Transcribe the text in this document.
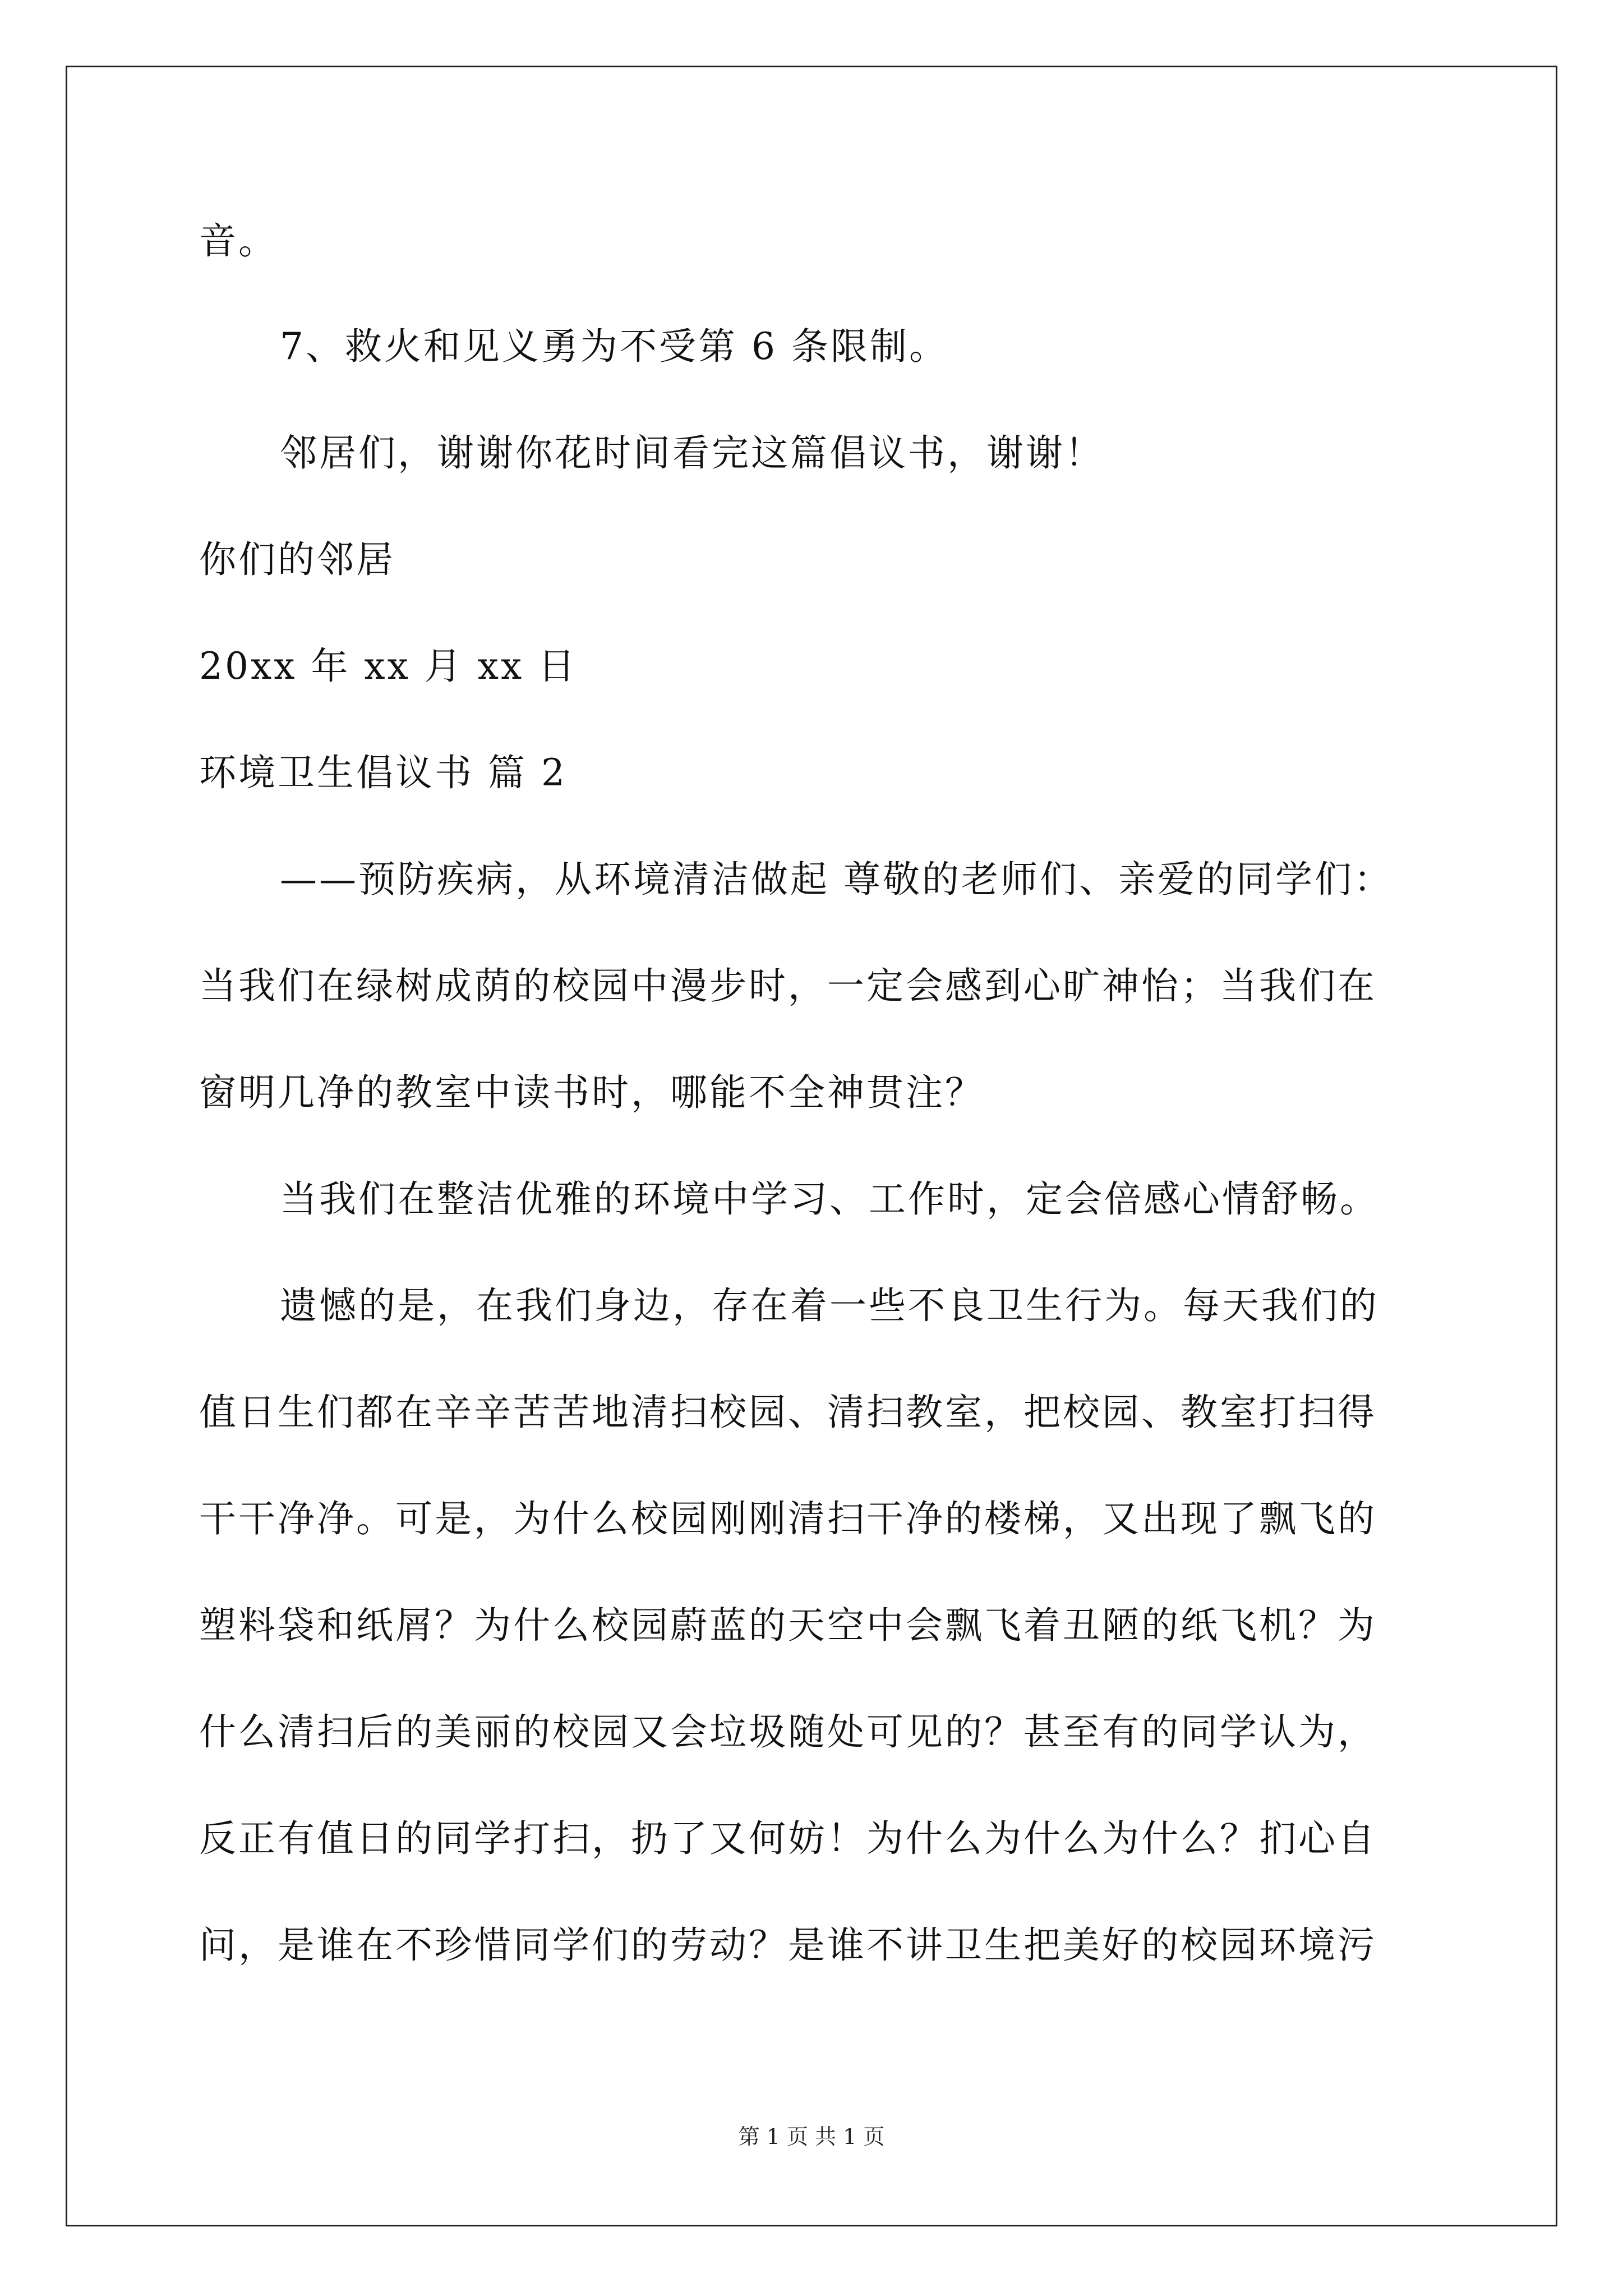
音。
7、救火和见义勇为不受第 6 条限制。
邻居们，谢谢你花时间看完这篇倡议书，谢谢！
你们的邻居
20xx 年 xx 月 xx 日
环境卫生倡议书 篇 2
——预防疾病，从环境清洁做起 尊敬的老师们、亲爱的同学们：
当我们在绿树成荫的校园中漫步时，一定会感到心旷神怡；当我们在
窗明几净的教室中读书时，哪能不全神贯注？
当我们在整洁优雅的环境中学习、工作时，定会倍感心情舒畅。
遗憾的是，在我们身边，存在着一些不良卫生行为。每天我们的
值日生们都在辛辛苦苦地清扫校园、清扫教室，把校园、教室打扫得
干干净净。可是，为什么校园刚刚清扫干净的楼梯，又出现了飘飞的
塑料袋和纸屑？为什么校园蔚蓝的天空中会飘飞着丑陋的纸飞机？为
什么清扫后的美丽的校园又会垃圾随处可见的？甚至有的同学认为，
反正有值日的同学打扫，扔了又何妨！为什么为什么为什么？扪心自
问，是谁在不珍惜同学们的劳动？是谁不讲卫生把美好的校园环境污
第 1 页 共 1 页
